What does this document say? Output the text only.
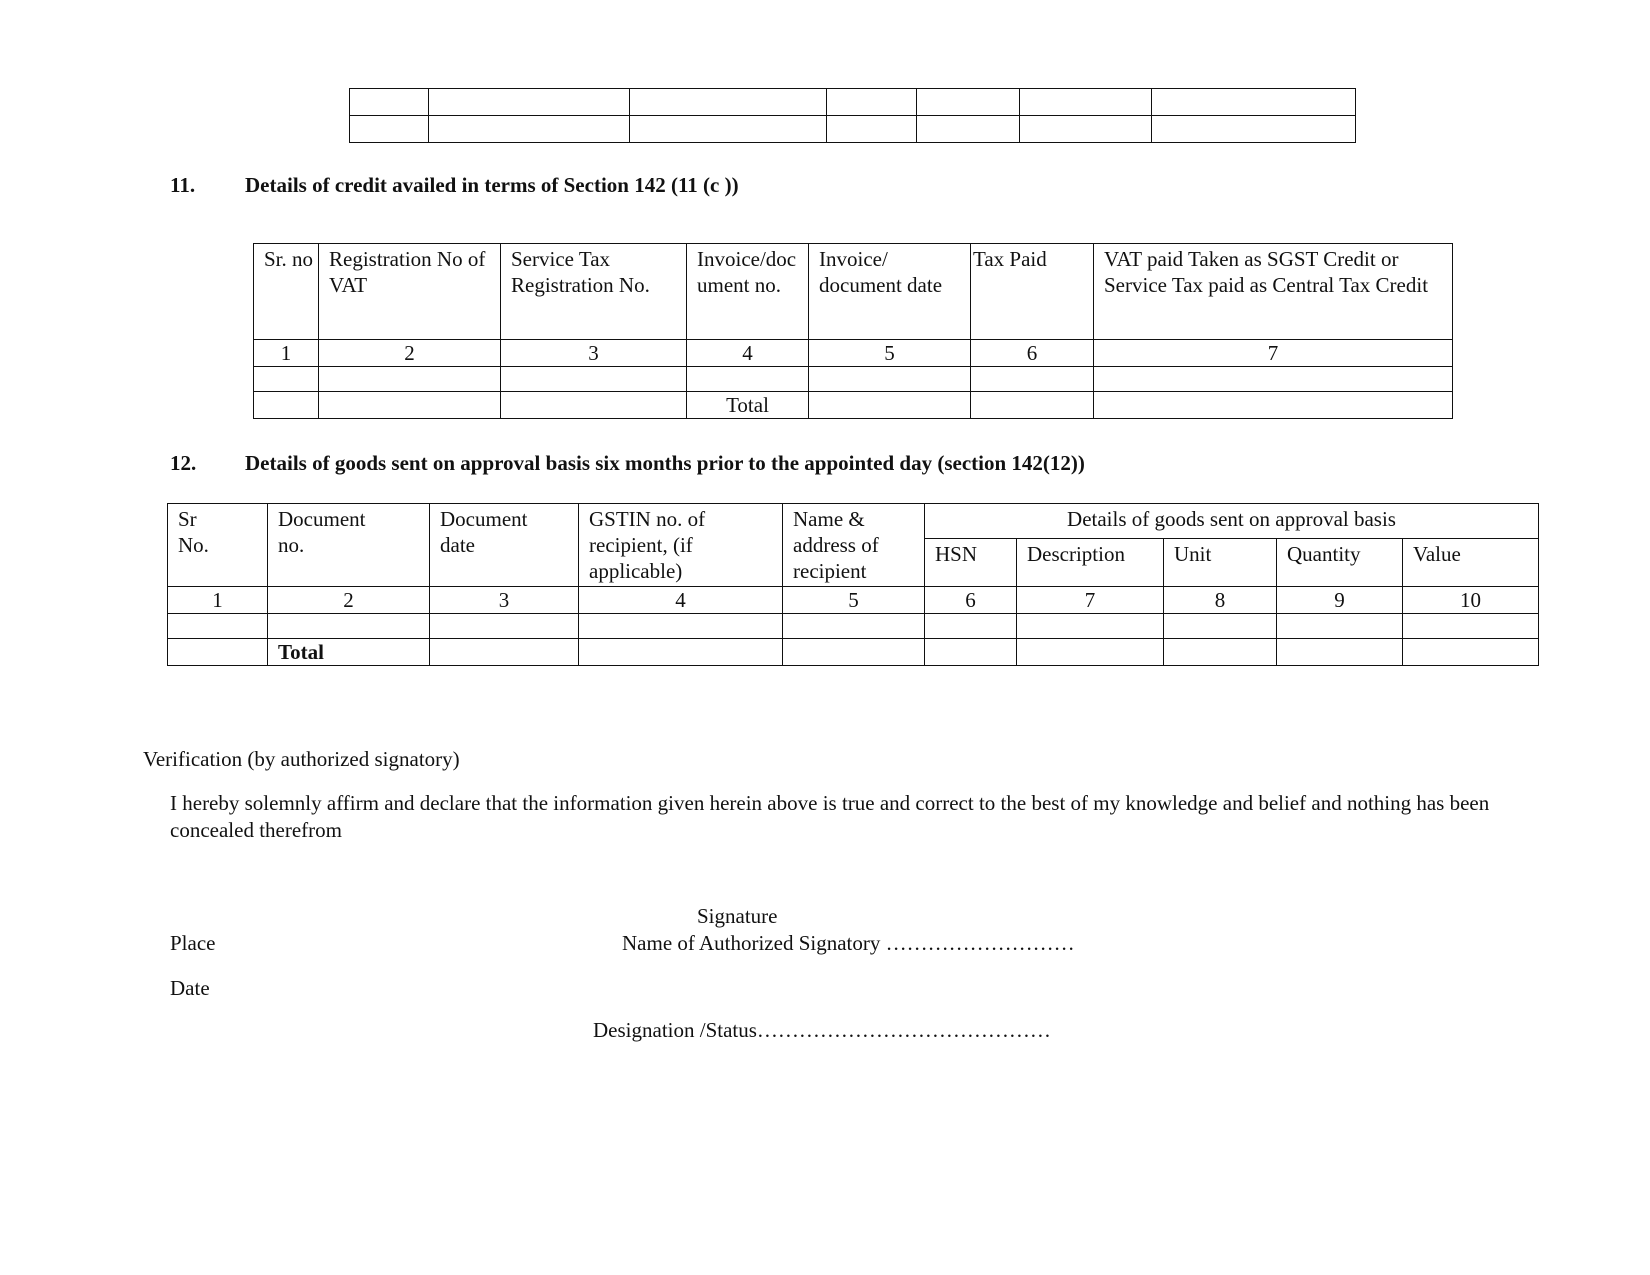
11. Details of credit availed in terms of Section 142 (11 (c ))
Sr. no	Registration No of VAT	Service Tax Registration No.	Invoice/document no.	Invoice/ document date	Tax Paid	VAT paid Taken as SGST Credit or Service Tax paid as Central Tax Credit

1	2	3	4	5	6	7

			Total			
12. Details of goods sent on approval basis six months prior to the appointed day (section 142(12))
Sr No.	Document no.	Document date	GSTIN no. of recipient, (if applicable)	Name & address of recipient	Details of goods sent on approval basis				
					HSN	Description	Unit	Quantity	Value
1	2	3	4	5	6	7	8	9	10

	Total								
Verification (by authorized signatory)
I hereby solemnly affirm and declare that the information given herein above is true and correct to the best of my knowledge and belief and nothing has been concealed therefrom
Signature
Place	Name of Authorized Signatory ………………………
Date
Designation /Status……………………………………
